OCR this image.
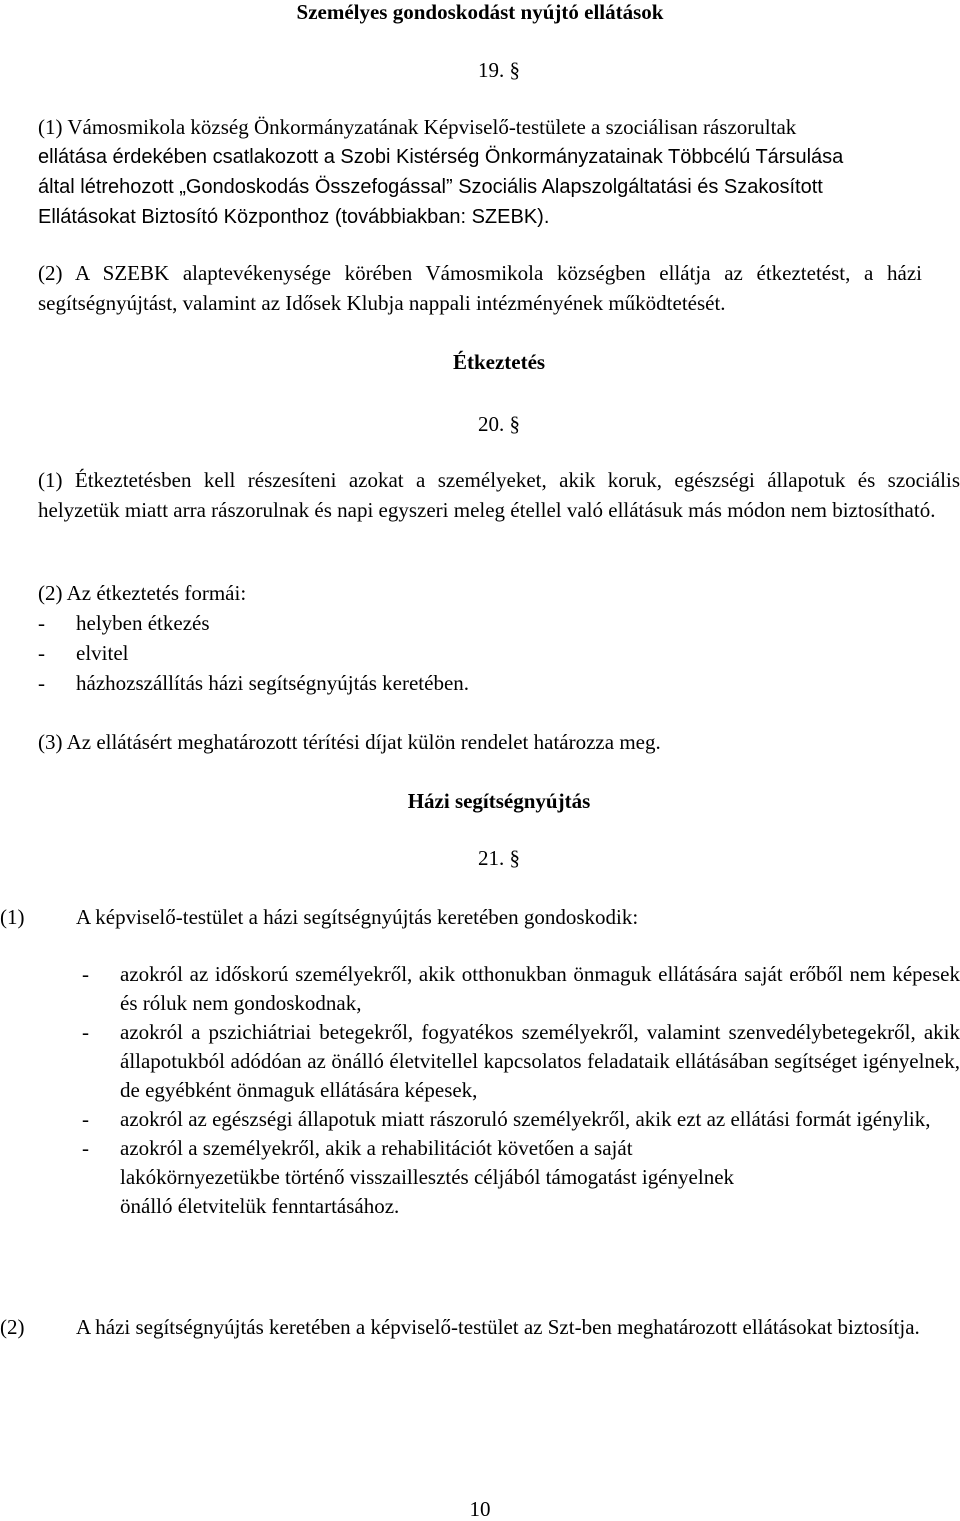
Személyes gondoskodást nyújtó ellátások
19. §
(1) Vámosmikola község Önkormányzatának Képviselő-testülete a szociálisan rászorultak
ellátása érdekében csatlakozott a Szobi Kistérség Önkormányzatainak Többcélú Társulása
által létrehozott „Gondoskodás Összefogással” Szociális Alapszolgáltatási és Szakosított
Ellátásokat Biztosító Központhoz (továbbiakban: SZEBK).
(2) A SZEBK alaptevékenysége körében Vámosmikola községben ellátja az étkeztetést, a házi segítségnyújtást, valamint az Idősek Klubja nappali intézményének működtetését.
Étkeztetés
20. §
(1) Étkeztetésben kell részesíteni azokat a személyeket, akik koruk, egészségi állapotuk és szociális helyzetük miatt arra rászorulnak és napi egyszeri meleg étellel való ellátásuk más módon nem biztosítható.
(2) Az étkeztetés formái:
- helyben étkezés
- elvitel
- házhozszállítás házi segítségnyújtás keretében.
(3) Az ellátásért meghatározott térítési díjat külön rendelet határozza meg.
Házi segítségnyújtás
21. §
(1) A képviselő-testület a házi segítségnyújtás keretében gondoskodik:
- azokról az időskorú személyekről, akik otthonukban önmaguk ellátására saját erőből nem képesek és róluk nem gondoskodnak,
- azokról a pszichiátriai betegekről, fogyatékos személyekről, valamint szenvedélybetegekről, akik állapotukból adódóan az önálló életvitellel kapcsolatos feladataik ellátásában segítséget igényelnek, de egyébként önmaguk ellátására képesek,
- azokról az egészségi állapotuk miatt rászoruló személyekről, akik ezt az ellátási formát igénylik,
- azokról a személyekről, akik a rehabilitációt követően a saját
lakókörnyezetükbe történő visszaillesztés céljából támogatást igényelnek
önálló életvitelük fenntartásához.
(2) A házi segítségnyújtás keretében a képviselő-testület az Szt-ben meghatározott ellátásokat biztosítja.
10
